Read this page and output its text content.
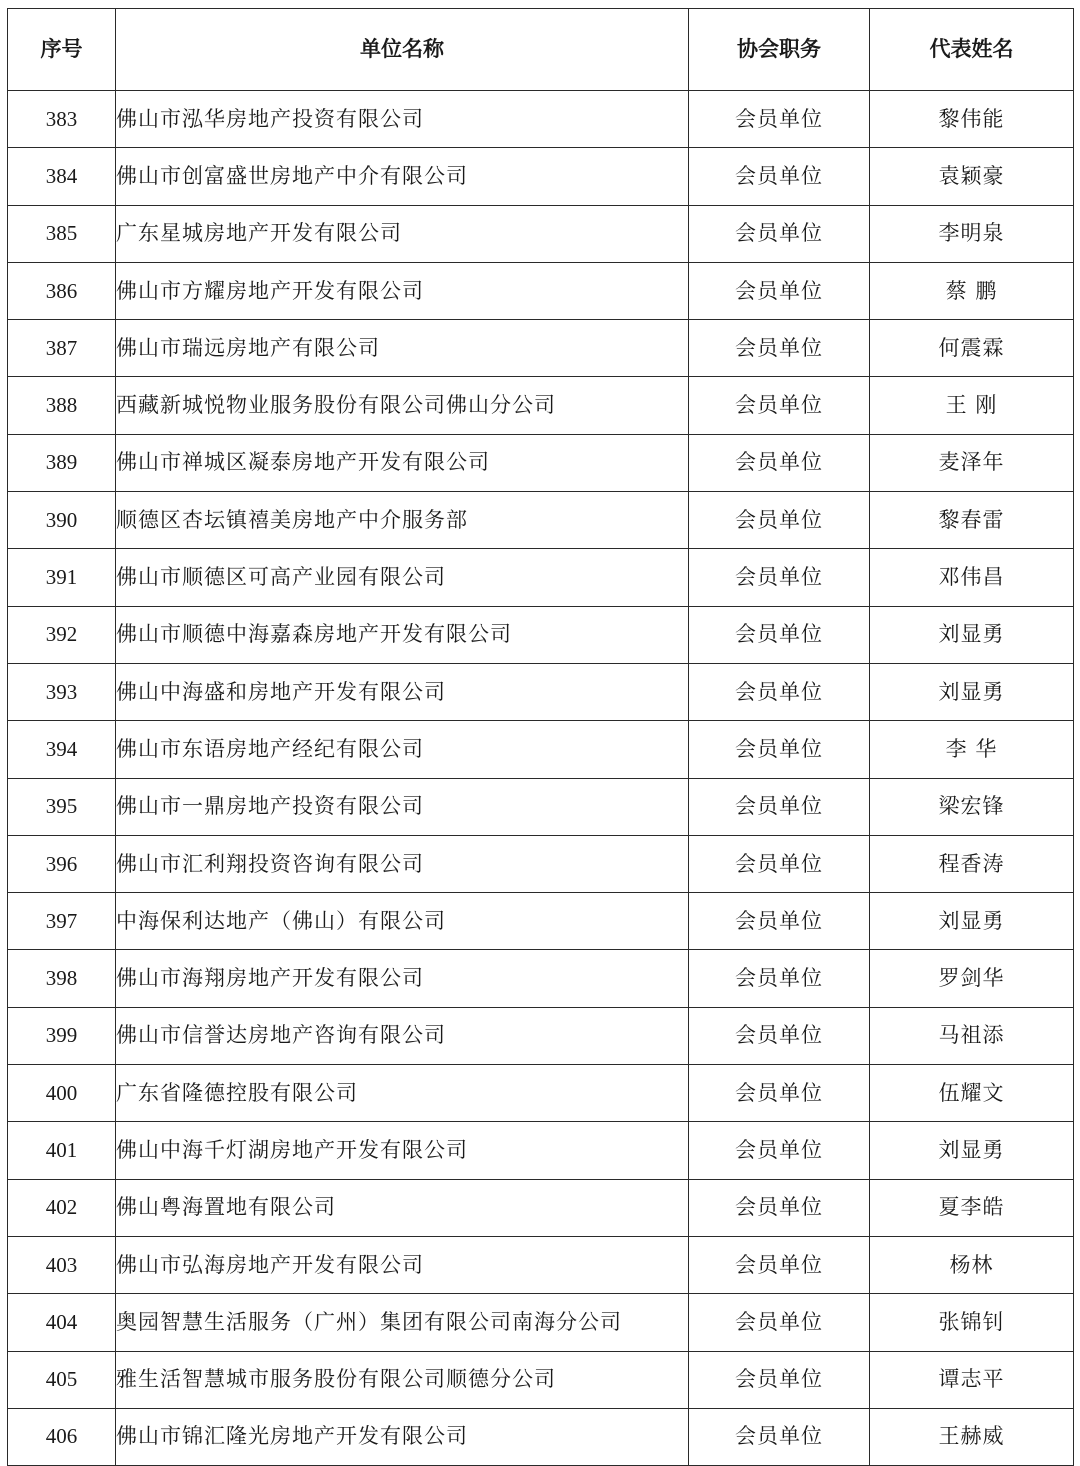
序号	单位名称	协会职务	代表姓名
383	佛山市泓华房地产投资有限公司	会员单位	黎伟能
384	佛山市创富盛世房地产中介有限公司	会员单位	袁颖豪
385	广东星城房地产开发有限公司	会员单位	李明泉
386	佛山市方耀房地产开发有限公司	会员单位	蔡 鹏
387	佛山市瑞远房地产有限公司	会员单位	何震霖
388	西藏新城悦物业服务股份有限公司佛山分公司	会员单位	王 刚
389	佛山市禅城区凝泰房地产开发有限公司	会员单位	麦泽年
390	顺德区杏坛镇禧美房地产中介服务部	会员单位	黎春雷
391	佛山市顺德区可高产业园有限公司	会员单位	邓伟昌
392	佛山市顺德中海嘉森房地产开发有限公司	会员单位	刘显勇
393	佛山中海盛和房地产开发有限公司	会员单位	刘显勇
394	佛山市东语房地产经纪有限公司	会员单位	李 华
395	佛山市一鼎房地产投资有限公司	会员单位	梁宏锋
396	佛山市汇利翔投资咨询有限公司	会员单位	程香涛
397	中海保利达地产（佛山）有限公司	会员单位	刘显勇
398	佛山市海翔房地产开发有限公司	会员单位	罗剑华
399	佛山市信誉达房地产咨询有限公司	会员单位	马祖添
400	广东省隆德控股有限公司	会员单位	伍耀文
401	佛山中海千灯湖房地产开发有限公司	会员单位	刘显勇
402	佛山粤海置地有限公司	会员单位	夏李皓
403	佛山市弘海房地产开发有限公司	会员单位	杨林
404	奥园智慧生活服务（广州）集团有限公司南海分公司	会员单位	张锦钊
405	雅生活智慧城市服务股份有限公司顺德分公司	会员单位	谭志平
406	佛山市锦汇隆光房地产开发有限公司	会员单位	王赫威
